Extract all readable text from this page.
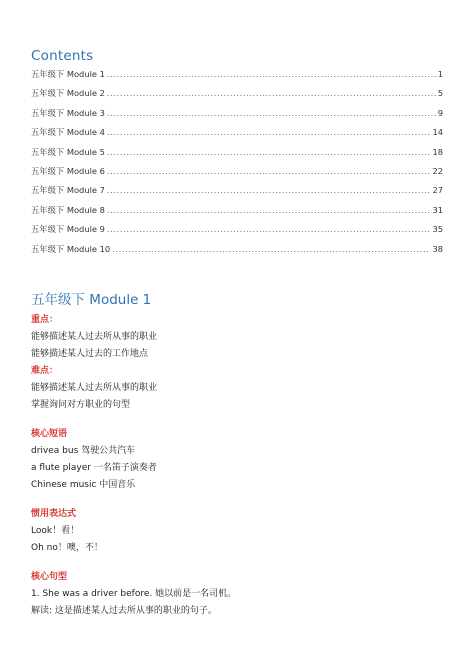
Contents
五年级下 Module 1 .....	1
五年级下 Module 2 .....	5
五年级下 Module 3 .....	9
五年级下 Module 4 .....	14
五年级下 Module 5 .....	18
五年级下 Module 6 .....	22
五年级下 Module 7 .....	27
五年级下 Module 8 .....	31
五年级下 Module 9 .....	35
五年级下 Module 10 .....	38
五年级下 Module 1
重点：
能够描述某人过去所从事的职业
能够描述某人过去的工作地点
难点：
能够描述某人过去所从事的职业
掌握询问对方职业的句型
核心短语
drivea bus 驾驶公共汽车
a flute player 一名笛子演奏者
Chinese music 中国音乐
惯用表达式
Look！看！
Oh no！噢，不！
核心句型
1. She was a driver before. 她以前是一名司机。
解读: 这是描述某人过去所从事的职业的句子。
